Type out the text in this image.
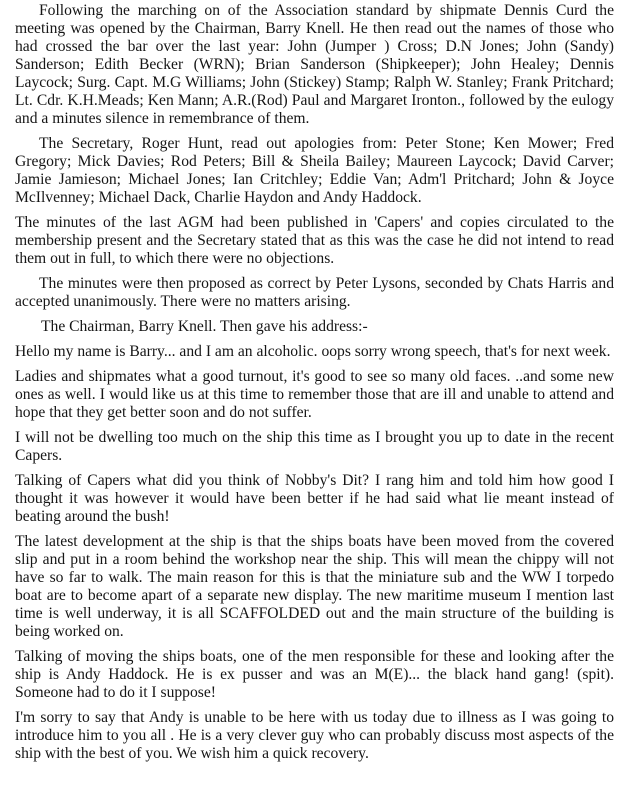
Following the marching on of the Association standard by shipmate Dennis Curd the meeting was opened by the Chairman, Barry Knell. He then read out the names of those who had crossed the bar over the last year: John (Jumper ) Cross; D.N Jones; John (Sandy) Sanderson; Edith Becker (WRN); Brian Sanderson (Shipkeeper); John Healey; Dennis Laycock; Surg. Capt. M.G Williams; John (Stickey) Stamp; Ralph W. Stanley; Frank Pritchard; Lt. Cdr. K.H.Meads; Ken Mann; A.R.(Rod) Paul and Margaret Ironton., followed by the eulogy and a minutes silence in remembrance of them.

The Secretary, Roger Hunt, read out apologies from: Peter Stone; Ken Mower; Fred Gregory; Mick Davies; Rod Peters; Bill & Sheila Bailey; Maureen Laycock; David Carver; Jamie Jamieson; Michael Jones; Ian Critchley; Eddie Van; Adm'l Pritchard; John & Joyce McIlvenney; Michael Dack, Charlie Haydon and Andy Haddock.

The minutes of the last AGM had been published in 'Capers' and copies circulated to the membership present and the Secretary stated that as this was the case he did not intend to read them out in full, to which there were no objections.

The minutes were then proposed as correct by Peter Lysons, seconded by Chats Harris and accepted unanimously. There were no matters arising.

The Chairman, Barry Knell. Then gave his address:-

Hello my name is Barry... and I am an alcoholic. oops sorry wrong speech, that's for next week.

Ladies and shipmates what a good turnout, it's good to see so many old faces. ..and some new ones as well. I would like us at this time to remember those that are ill and unable to attend and hope that they get better soon and do not suffer.

I will not be dwelling too much on the ship this time as I brought you up to date in the recent Capers.

Talking of Capers what did you think of Nobby's Dit? I rang him and told him how good I thought it was however it would have been better if he had said what lie meant instead of beating around the bush!

The latest development at the ship is that the ships boats have been moved from the covered slip and put in a room behind the workshop near the ship. This will mean the chippy will not have so far to walk. The main reason for this is that the miniature sub and the WW I torpedo boat are to become apart of a separate new display. The new maritime museum I mention last time is well underway, it is all SCAFFOLDED out and the main structure of the building is being worked on.

Talking of moving the ships boats, one of the men responsible for these and looking after the ship is Andy Haddock. He is ex pusser and was an M(E)... the black hand gang! (spit). Someone had to do it I suppose!

I'm sorry to say that Andy is unable to be here with us today due to illness as I was going to introduce him to you all . He is a very clever guy who can probably discuss most aspects of the ship with the best of you. We wish him a quick recovery.
